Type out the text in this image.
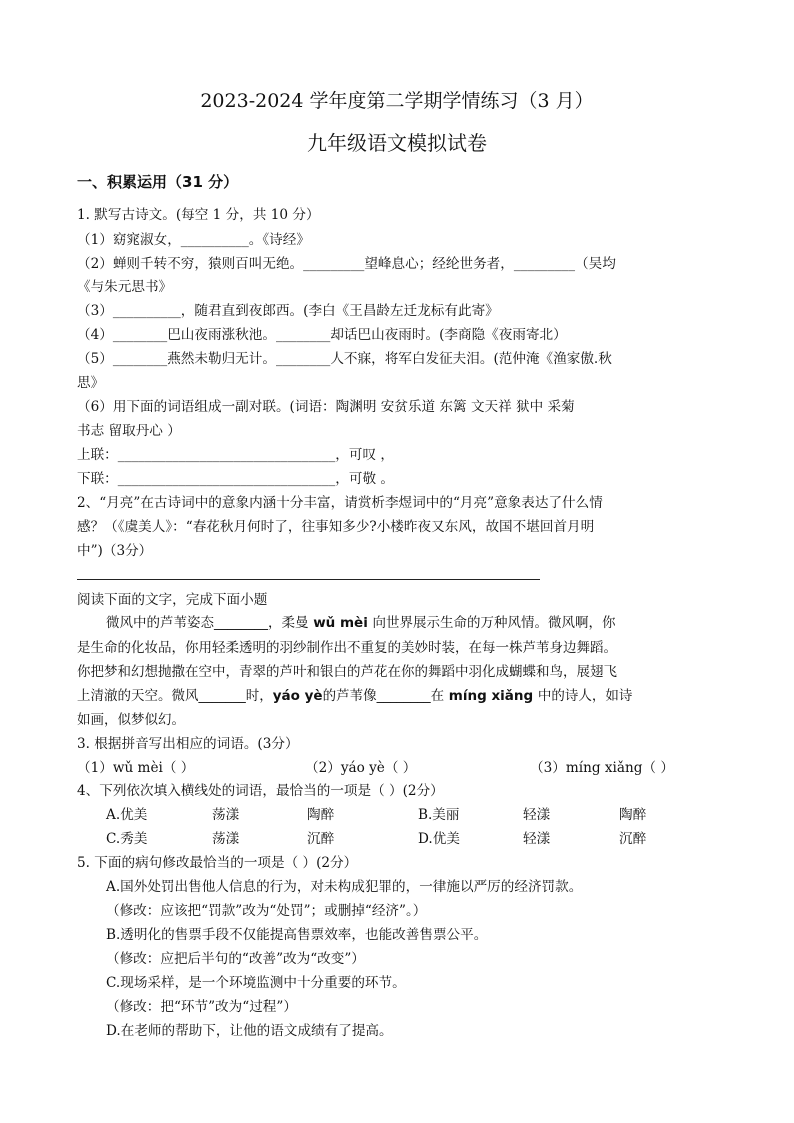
2023-2024 学年度第二学期学情练习（3 月）
九年级语文模拟试卷
一、积累运用（31 分）
1. 默写古诗文。(每空 1 分，共 10 分）
（1）窈窕淑女，__________。《诗经》
（2）蝉则千转不穷，猿则百叫无绝。_________望峰息心；经纶世务者，_________（吴均
《与朱元思书》
（3）__________，随君直到夜郎西。(李白《王昌龄左迁龙标有此寄》
（4）________巴山夜雨涨秋池。________却话巴山夜雨时。(李商隐《夜雨寄北）
（5）________燕然未勒归无计。________人不寐，将军白发征夫泪。(范仲淹《渔家傲.秋
思》
（6）用下面的词语组成一副对联。(词语：陶渊明 安贫乐道 东篱 文天祥 狱中 采菊
书志 留取丹心 ）
上联：________________________________，可叹 ，
下联：________________________________，可敬 。
2、“月亮”在古诗词中的意象内涵十分丰富，请赏析李煜词中的“月亮”意象表达了什么情
感？（《虞美人》：“春花秋月何时了，往事知多少?小楼昨夜又东风，故国不堪回首月明
中”)（3分）
阅读下面的文字，完成下面小题
微风中的芦苇姿态________，柔曼 wǔ mèi 向世界展示生命的万种风情。微风啊，你
是生命的化妆品，你用轻柔透明的羽纱制作出不重复的美妙时装，在每一株芦苇身边舞蹈。
你把梦和幻想抛撒在空中，青翠的芦叶和银白的芦花在你的舞蹈中羽化成蝴蝶和鸟，展翅飞
上清澈的天空。微风_______时，yáo yè的芦苇像________在 míng xiǎng 中的诗人，如诗
如画，似梦似幻。
3. 根据拼音写出相应的词语。(3分）
（1）wǔ mèi（ ）	（2）yáo yè（ ）	（3）míng xiǎng（ ）
4、下列依次填入横线处的词语，最恰当的一项是（ ）(2分）
A.优美	荡漾	陶醉	B.美丽	轻漾	陶醉
C.秀美	荡漾	沉醉	D.优美	轻漾	沉醉
5. 下面的病句修改最恰当的一项是（ ）(2分）
A.国外处罚出售他人信息的行为，对未构成犯罪的，一律施以严厉的经济罚款。
（修改：应该把“罚款”改为“处罚”；或删掉“经济”。）
B.透明化的售票手段不仅能提高售票效率，也能改善售票公平。
（修改：应把后半句的“改善”改为“改变”）
C.现场采样，是一个环境监测中十分重要的环节。
（修改：把“环节”改为“过程”）
D.在老师的帮助下，让他的语文成绩有了提高。
